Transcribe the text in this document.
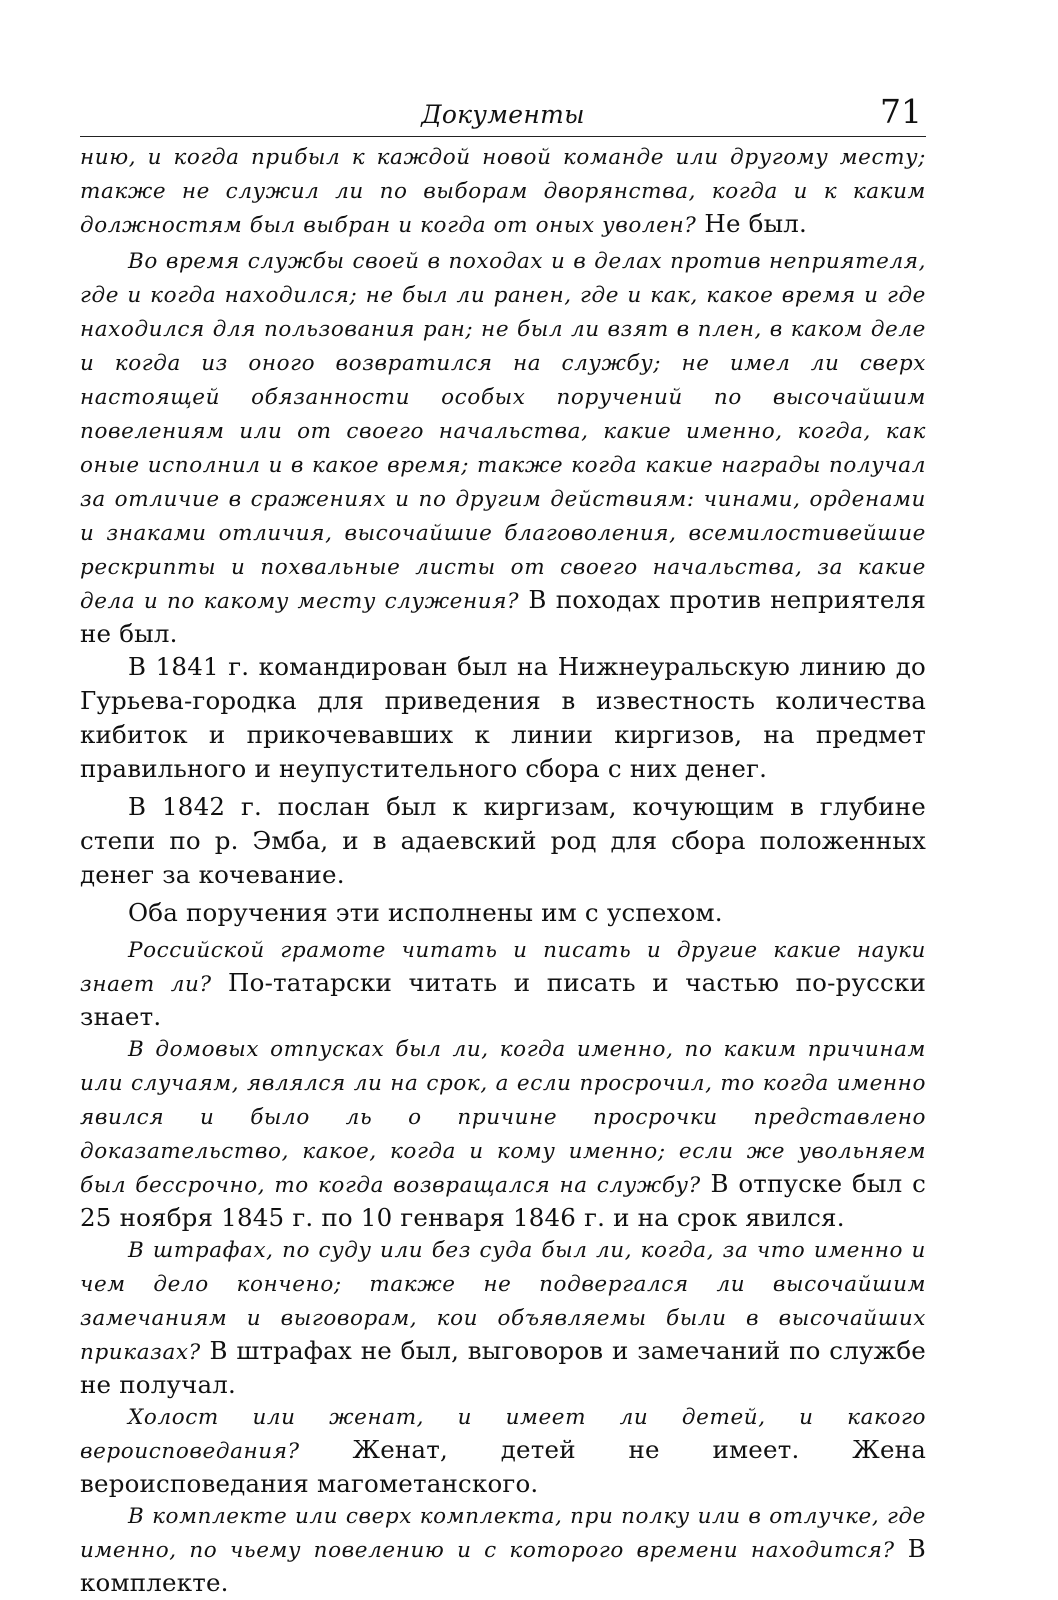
Документы	71

нию, и когда прибыл к каждой новой команде или другому месту; также не служил ли по выборам дворянства, когда и к каким должностям был выбран и когда от оных уволен? Не был.

Во время службы своей в походах и в делах против неприятеля, где и когда находился; не был ли ранен, где и как, какое время и где находился для пользования ран; не был ли взят в плен, в каком деле и когда из оного возвратился на службу; не имел ли сверх настоящей обязанности особых поручений по высочайшим повелениям или от своего начальства, какие именно, когда, как оные исполнил и в какое время; также когда какие награды получал за отличие в сражениях и по другим действиям: чинами, орденами и знаками отличия, высочайшие благоволения, всемилостивейшие рескрипты и похвальные листы от своего начальства, за какие дела и по какому месту служения? В походах против неприятеля не был.

В 1841 г. командирован был на Нижнеуральскую линию до Гурьева-городка для приведения в известность количества кибиток и прикочевавших к линии киргизов, на предмет правильного и неупустительного сбора с них денег.

В 1842 г. послан был к киргизам, кочующим в глубине степи по р. Эмба, и в адаевский род для сбора положенных денег за кочевание.

Оба поручения эти исполнены им с успехом.

Российской грамоте читать и писать и другие какие науки знает ли? По-татарски читать и писать и частью по-русски знает.

В домовых отпусках был ли, когда именно, по каким причинам или случаям, являлся ли на срок, а если просрочил, то когда именно явился и было ль о причине просрочки представлено доказательство, какое, когда и кому именно; если же увольняем был бессрочно, то когда возвращался на службу? В отпуске был с 25 ноября 1845 г. по 10 генваря 1846 г. и на срок явился.

В штрафах, по суду или без суда был ли, когда, за что именно и чем дело кончено; также не подвергался ли высочайшим замечаниям и выговорам, кои объявляемы были в высочайших приказах? В штрафах не был, выговоров и замечаний по службе не получал.

Холост или женат, и имеет ли детей, и какого вероисповедания? Женат, детей не имеет. Жена вероисповедания магометанского.

В комплекте или сверх комплекта, при полку или в отлучке, где именно, по чьему повелению и с которого времени находится? В комплекте.
